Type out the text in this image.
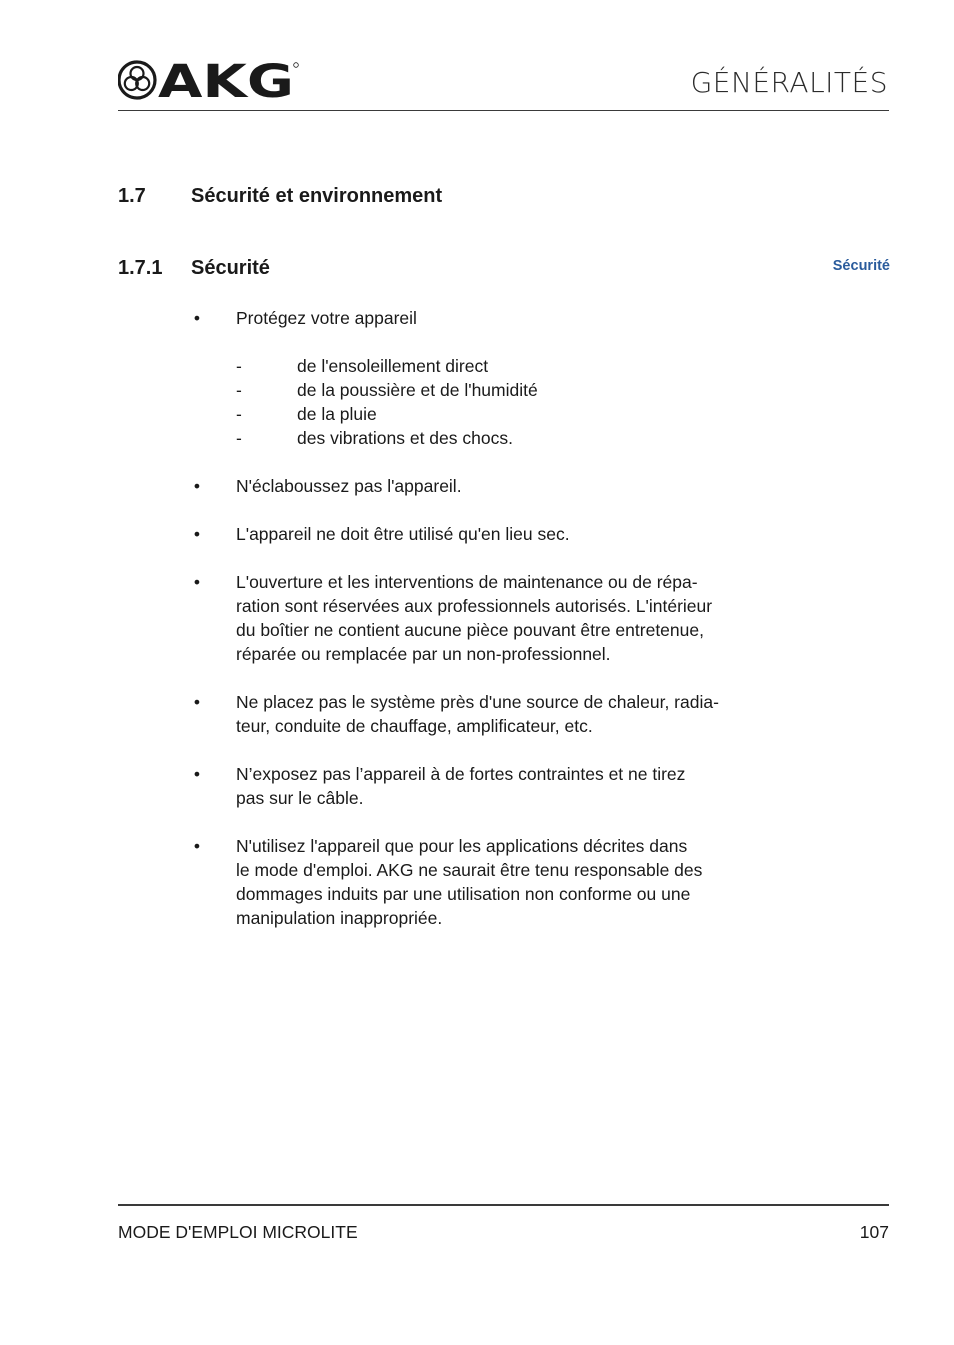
AKG	GÉNÉRALITÉS
1.7 Sécurité et environnement
1.7.1 Sécurité	Sécurité
• Protégez votre appareil
-	de l'ensoleillement direct
-	de la poussière et de l'humidité
-	de la pluie
-	des vibrations et des chocs.
• N'éclaboussez pas l'appareil.
• L'appareil ne doit être utilisé qu'en lieu sec.
• L'ouverture et les interventions de maintenance ou de répa-
ration sont réservées aux professionnels autorisés. L'intérieur
du boîtier ne contient aucune pièce pouvant être entretenue,
réparée ou remplacée par un non-professionnel.
• Ne placez pas le système près d'une source de chaleur, radia-
teur, conduite de chauffage, amplificateur, etc.
• N’exposez pas l’appareil à de fortes contraintes et ne tirez
pas sur le câble.
• N'utilisez l'appareil que pour les applications décrites dans
le mode d'emploi. AKG ne saurait être tenu responsable des
dommages induits par une utilisation non conforme ou une
manipulation inappropriée.
MODE D'EMPLOI MICROLITE	107
